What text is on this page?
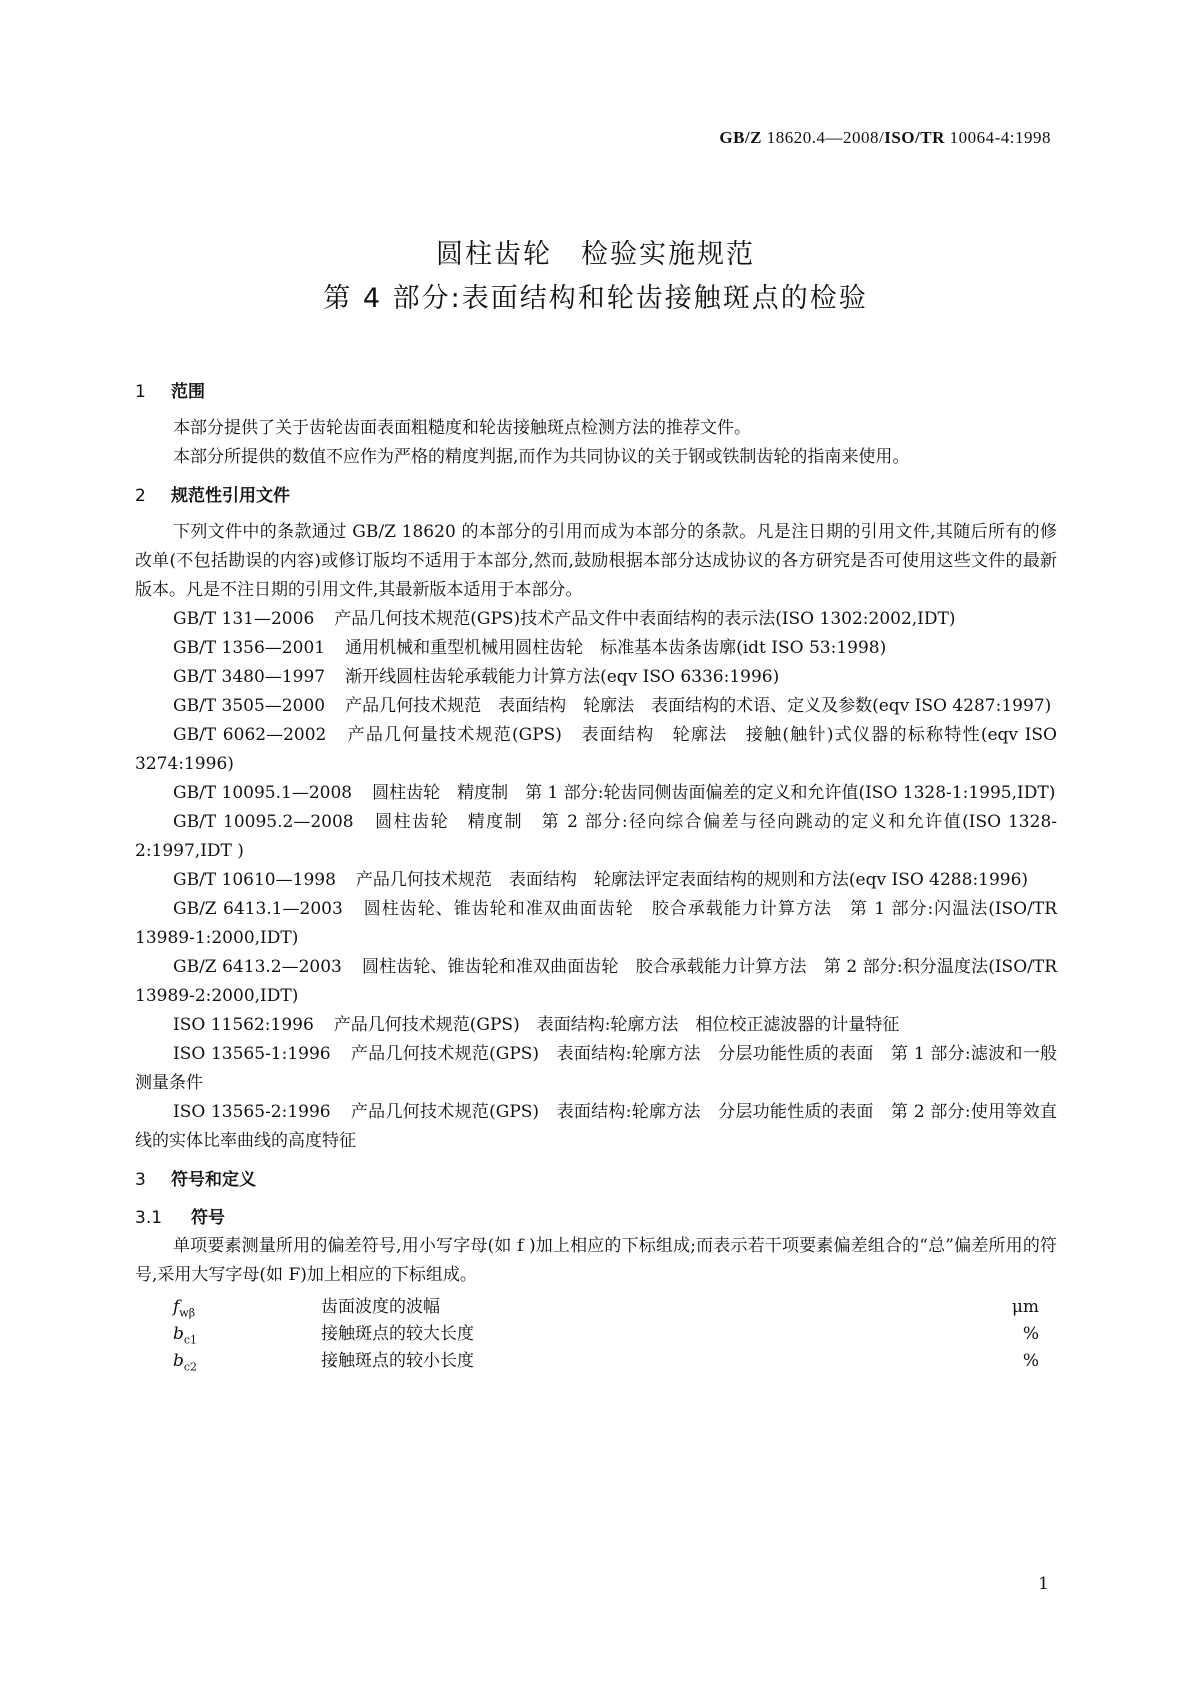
GB/Z 18620.4—2008/ISO/TR 10064-4:1998
圆柱齿轮　检验实施规范
第 4 部分:表面结构和轮齿接触斑点的检验
1 范围

本部分提供了关于齿轮齿面表面粗糙度和轮齿接触斑点检测方法的推荐文件。

本部分所提供的数值不应作为严格的精度判据,而作为共同协议的关于钢或铁制齿轮的指南来使用。

2 规范性引用文件

下列文件中的条款通过 GB/Z 18620 的本部分的引用而成为本部分的条款。凡是注日期的引用文件,其随后所有的修改单(不包括勘误的内容)或修订版均不适用于本部分,然而,鼓励根据本部分达成协议的各方研究是否可使用这些文件的最新版本。凡是不注日期的引用文件,其最新版本适用于本部分。

GB/T 131—2006 产品几何技术规范(GPS)技术产品文件中表面结构的表示法(ISO 1302:2002,IDT)

GB/T 1356—2001 通用机械和重型机械用圆柱齿轮　标准基本齿条齿廓(idt ISO 53:1998)

GB/T 3480—1997 渐开线圆柱齿轮承载能力计算方法(eqv ISO 6336:1996)

GB/T 3505—2000 产品几何技术规范　表面结构　轮廓法　表面结构的术语、定义及参数(eqv ISO 4287:1997)

GB/T 6062—2002 产品几何量技术规范(GPS)　表面结构　轮廓法　接触(触针)式仪器的标称特性(eqv ISO 3274:1996)

GB/T 10095.1—2008 圆柱齿轮　精度制　第 1 部分:轮齿同侧齿面偏差的定义和允许值(ISO 1328-1:1995,IDT)

GB/T 10095.2—2008 圆柱齿轮　精度制　第 2 部分:径向综合偏差与径向跳动的定义和允许值(ISO 1328-2:1997,IDT )

GB/T 10610—1998 产品几何技术规范　表面结构　轮廓法评定表面结构的规则和方法(eqv ISO 4288:1996)

GB/Z 6413.1—2003 圆柱齿轮、锥齿轮和准双曲面齿轮　胶合承载能力计算方法　第 1 部分:闪温法(ISO/TR 13989-1:2000,IDT)

GB/Z 6413.2—2003 圆柱齿轮、锥齿轮和准双曲面齿轮　胶合承载能力计算方法　第 2 部分:积分温度法(ISO/TR 13989-2:2000,IDT)

ISO 11562:1996 产品几何技术规范(GPS)　表面结构:轮廓方法　相位校正滤波器的计量特征

ISO 13565-1:1996 产品几何技术规范(GPS)　表面结构:轮廓方法　分层功能性质的表面　第 1 部分:滤波和一般测量条件

ISO 13565-2:1996 产品几何技术规范(GPS)　表面结构:轮廓方法　分层功能性质的表面　第 2 部分:使用等效直线的实体比率曲线的高度特征

3 符号和定义
3.1 符号

单项要素测量所用的偏差符号,用小写字母(如 f )加上相应的下标组成;而表示若干项要素偏差组合的“总”偏差所用的符号,采用大写字母(如 F)加上相应的下标组成。

$f_{w\beta}$	齿面波度的波幅	μm
$b_{c1}$	接触斑点的较大长度	%
$b_{c2}$	接触斑点的较小长度	%
1
